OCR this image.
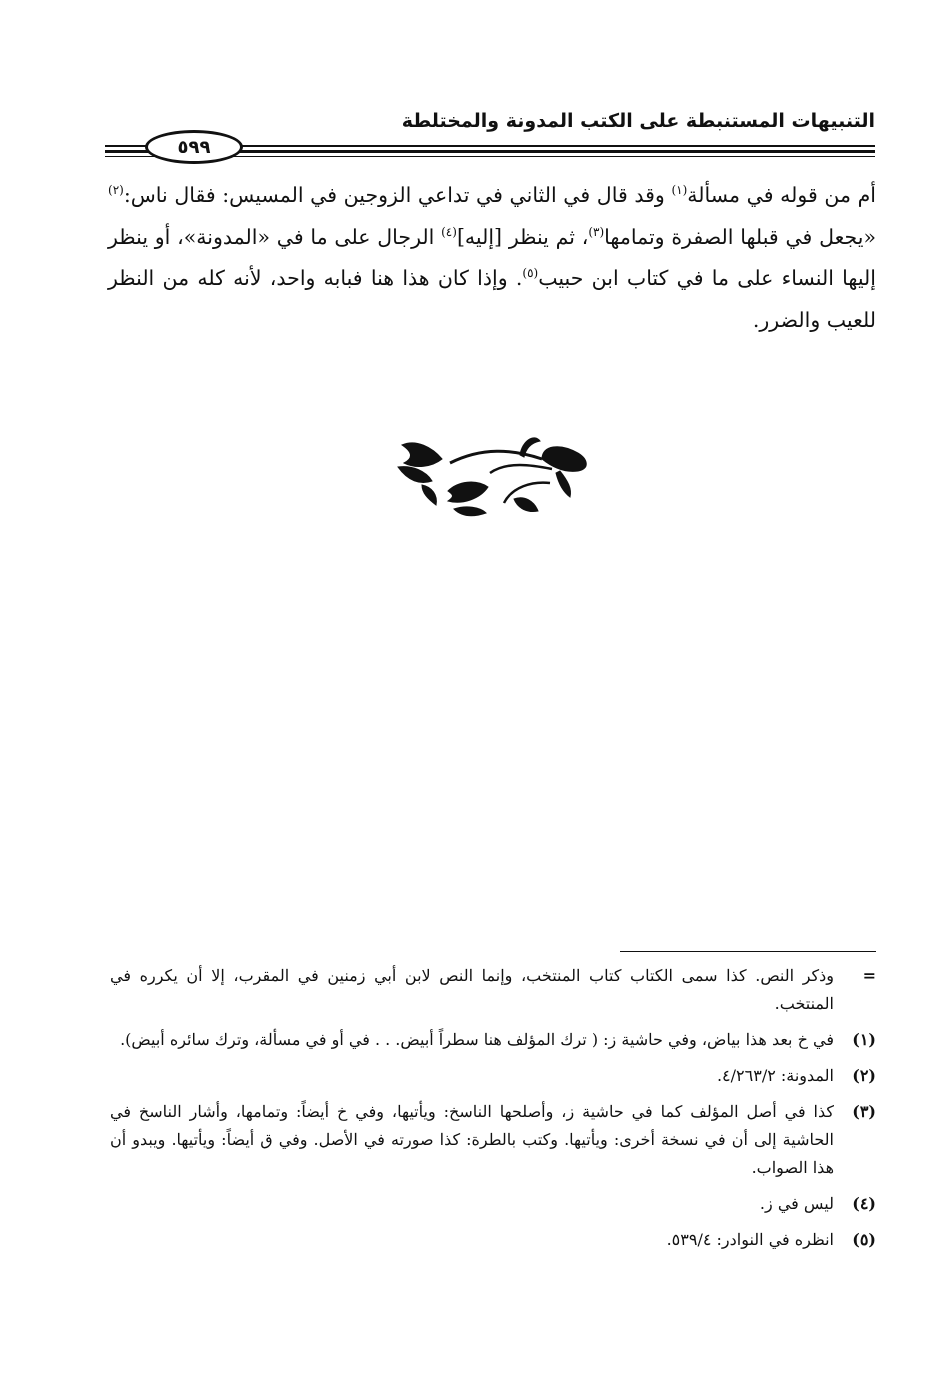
التنبيهات المستنبطة على الكتب المدونة والمختلطة
٥٩٩

أم من قوله في مسألة$^{(١)}$ وقد قال في الثاني في تداعي الزوجين في المسيس: فقال ناس:$^{(٢)}$ «يجعل في قبلها الصفرة وتمامها$^{(٣)}$، ثم ينظر [إليه]$^{(٤)}$ الرجال على ما في «المدونة»، أو ينظر إليها النساء على ما في كتاب ابن حبيب$^{(٥)}$. وإذا كان هذا هنا فبابه واحد، لأنه كله من النظر للعيب والضرر.

=
وذكر النص. كذا سمى الكتاب كتاب المنتخب، وإنما النص لابن أبي زمنين في المقرب، إلا أن يكرره في المنتخب.
(١)
في خ بعد هذا بياض، وفي حاشية ز: ( ترك المؤلف هنا سطراً أبيض. . . في أو في مسألة، وترك سائره أبيض).
(٢)
المدونة: ٤/٢٦٣/٢.
(٣)
كذا في أصل المؤلف كما في حاشية ز، وأصلحها الناسخ: ويأتيها، وفي خ أيضاً: وتمامها، وأشار الناسخ في الحاشية إلى أن في نسخة أخرى: ويأتيها. وكتب بالطرة: كذا صورته في الأصل. وفي ق أيضاً: ويأتيها. ويبدو أن هذا الصواب.
(٤)
ليس في ز.
(٥)
انظره في النوادر: ٥٣٩/٤.
